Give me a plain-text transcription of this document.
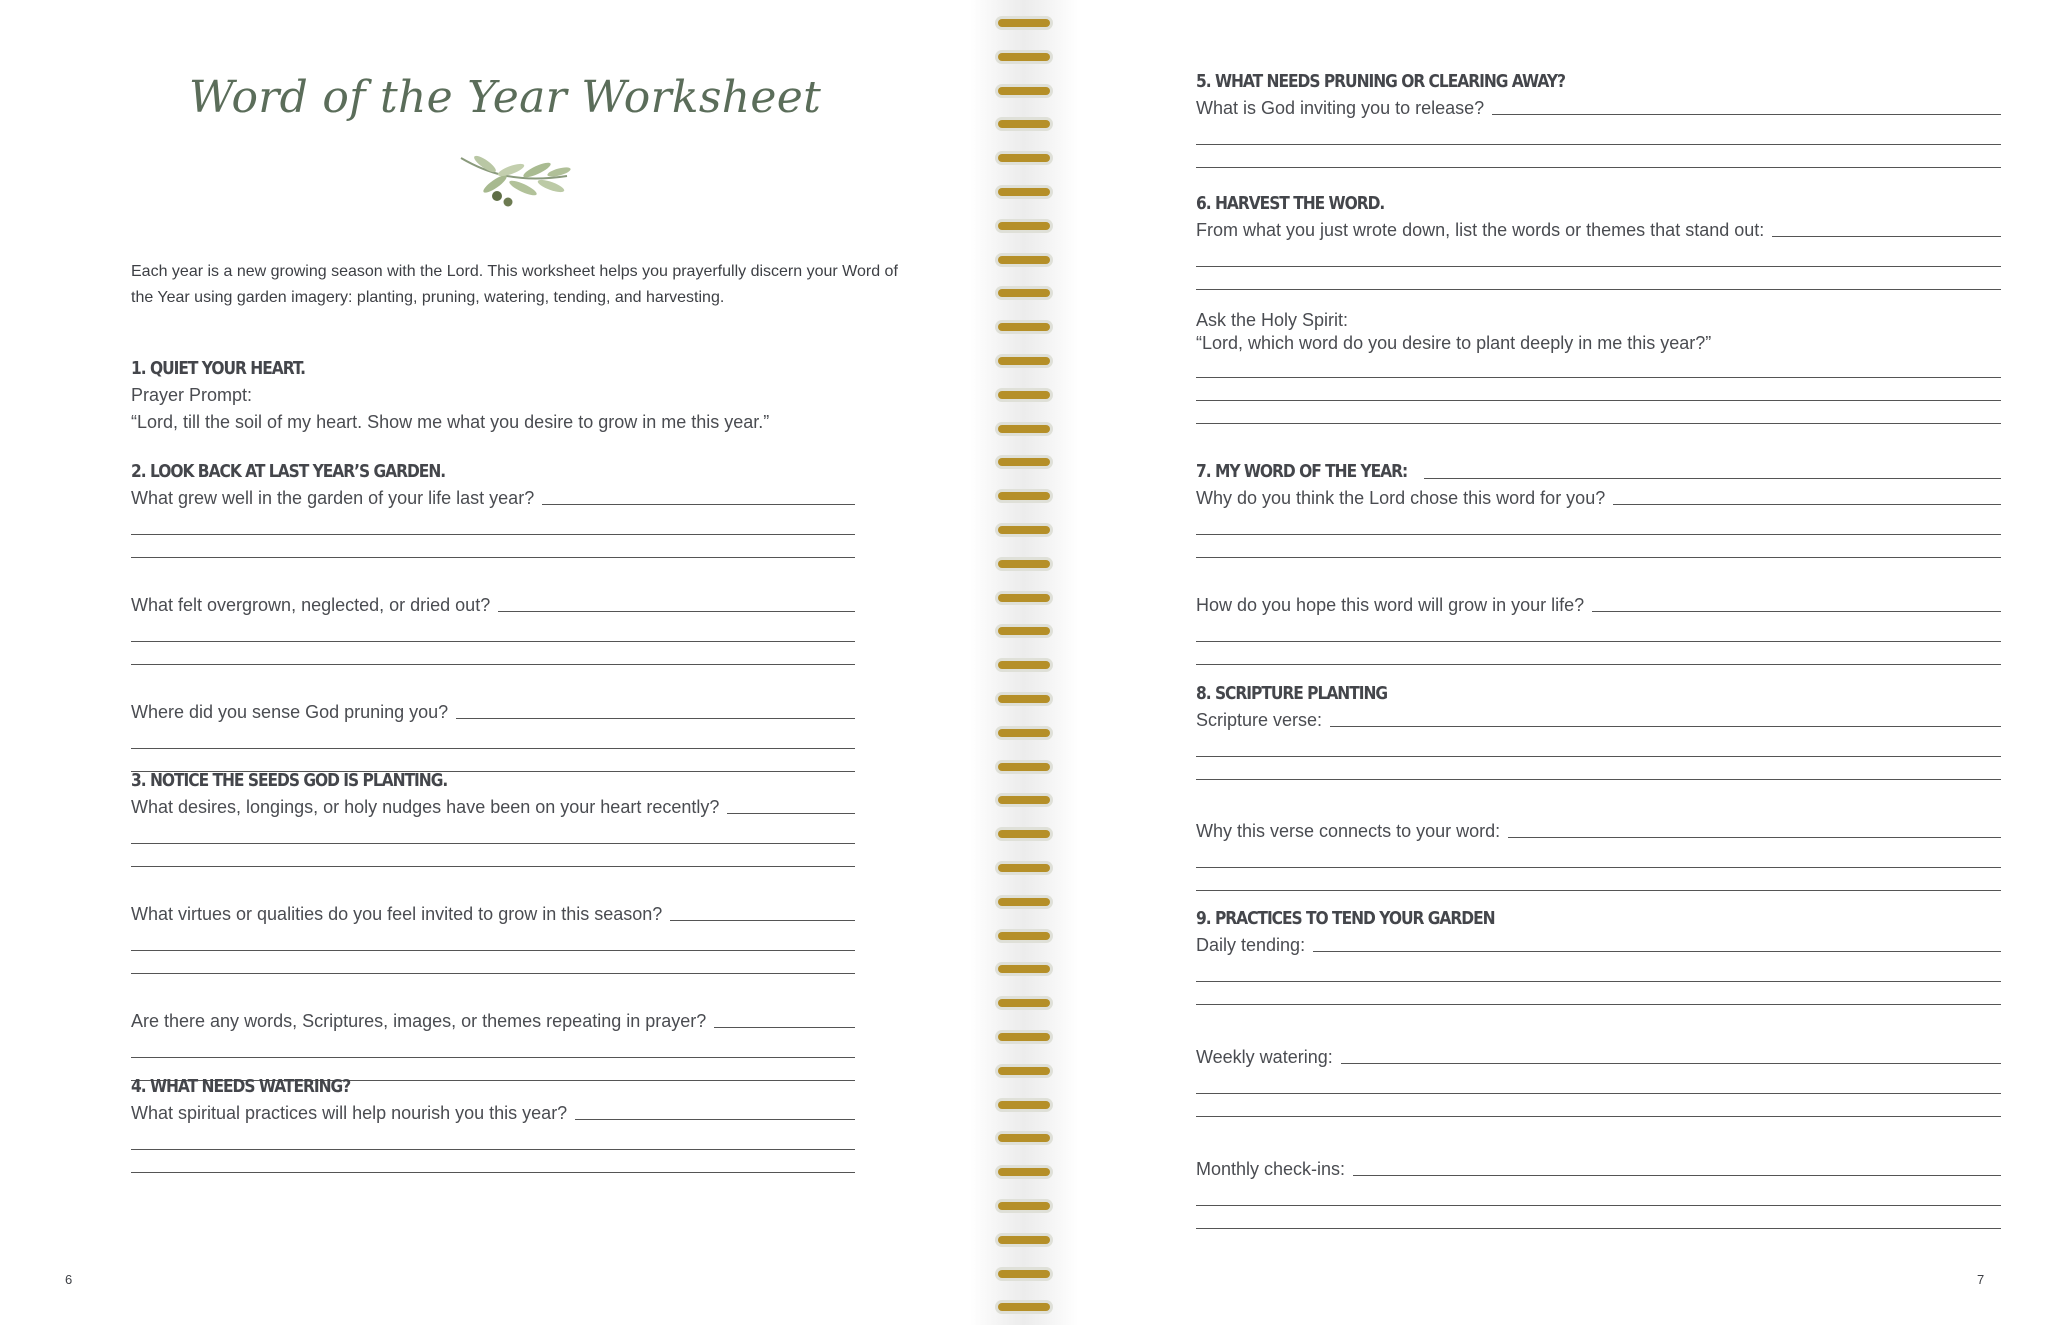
Word of the Year Worksheet

Each year is a new growing season with the Lord. This worksheet helps you prayerfully discern your Word of the Year using garden imagery: planting, pruning, watering, tending, and harvesting.

1. QUIET YOUR HEART.
Prayer Prompt:
“Lord, till the soil of my heart. Show me what you desire to grow in me this year.”
2. LOOK BACK AT LAST YEAR’S GARDEN.
What grew well in the garden of your life last year?
What felt overgrown, neglected, or dried out?
Where did you sense God pruning you?
3. NOTICE THE SEEDS GOD IS PLANTING.
What desires, longings, or holy nudges have been on your heart recently?
What virtues or qualities do you feel invited to grow in this season?
Are there any words, Scriptures, images, or themes repeating in prayer?
4. WHAT NEEDS WATERING?
What spiritual practices will help nourish you this year?
6
5. WHAT NEEDS PRUNING OR CLEARING AWAY?
What is God inviting you to release?
6. HARVEST THE WORD.
From what you just wrote down, list the words or themes that stand out:
Ask the Holy Spirit:
“Lord, which word do you desire to plant deeply in me this year?”
7. MY WORD OF THE YEAR:
Why do you think the Lord chose this word for you?
How do you hope this word will grow in your life?
8. SCRIPTURE PLANTING
Scripture verse:
Why this verse connects to your word:
9. PRACTICES TO TEND YOUR GARDEN
Daily tending:
Weekly watering:
Monthly check-ins:
7
